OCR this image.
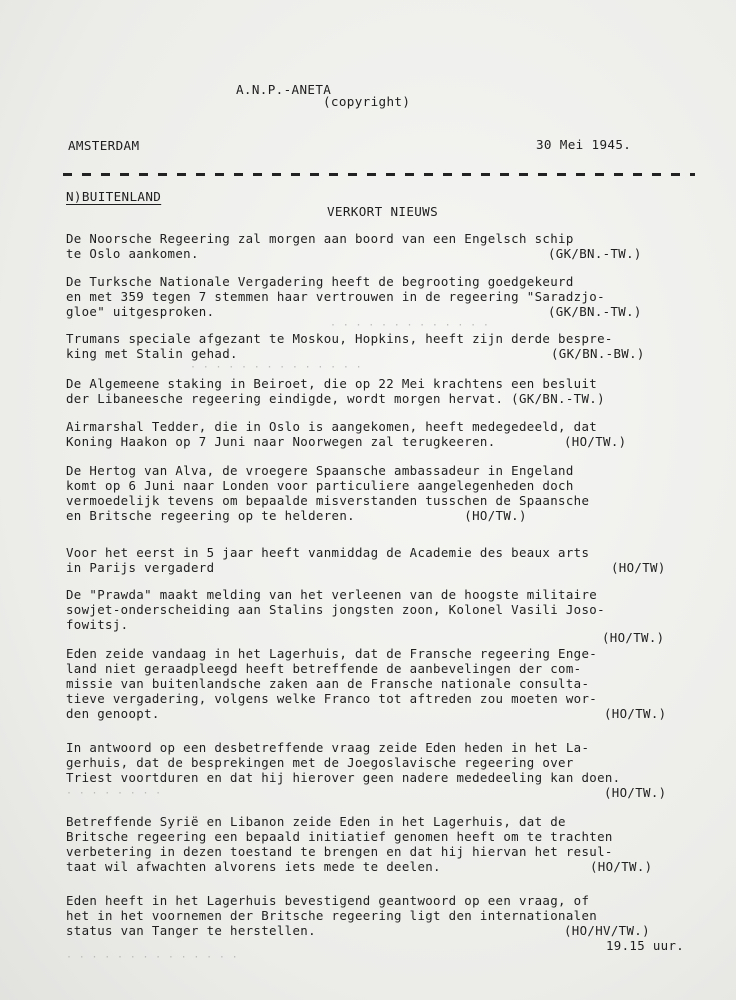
A.N.P.-ANETA
(copyright)
AMSTERDAM	30 Mei 1945.
N)BUITENLAND
VERKORT NIEUWS
De Noorsche Regeering zal morgen aan boord van een Engelsch schip
te Oslo aankomen.	(GK/BN.-TW.)
De Turksche Nationale Vergadering heeft de begrooting goedgekeurd
en met 359 tegen 7 stemmen haar vertrouwen in de regeering "Saradzjo-
gloe" uitgesproken.	(GK/BN.-TW.)
· · · · · · · · · · · · ·
Trumans speciale afgezant te Moskou, Hopkins, heeft zijn derde bespre-
king met Stalin gehad.	(GK/BN.-BW.)
· · · · · · · · · · · · · ·
De Algemeene staking in Beiroet, die op 22 Mei krachtens een besluit
der Libaneesche regeering eindigde, wordt morgen hervat. (GK/BN.-TW.)
Airmarshal Tedder, die in Oslo is aangekomen, heeft medegedeeld, dat
Koning Haakon op 7 Juni naar Noorwegen zal terugkeeren.	(HO/TW.)
De Hertog van Alva, de vroegere Spaansche ambassadeur in Engeland
komt op 6 Juni naar Londen voor particuliere aangelegenheden doch
vermoedelijk tevens om bepaalde misverstanden tusschen de Spaansche
en Britsche regeering op te helderen.              (HO/TW.)
Voor het eerst in 5 jaar heeft vanmiddag de Academie des beaux arts
in Parijs vergaderd	(HO/TW)
De "Prawda" maakt melding van het verleenen van de hoogste militaire
sowjet-onderscheiding aan Stalins jongsten zoon, Kolonel Vasili Joso-
fowitsj.
(HO/TW.)
Eden zeide vandaag in het Lagerhuis, dat de Fransche regeering Enge-
land niet geraadpleegd heeft betreffende de aanbevelingen der com-
missie van buitenlandsche zaken aan de Fransche nationale consulta-
tieve vergadering, volgens welke Franco tot aftreden zou moeten wor-
den genoopt.	(HO/TW.)
In antwoord op een desbetreffende vraag zeide Eden heden in het La-
gerhuis, dat de besprekingen met de Joegoslavische regeering over
Triest voortduren en dat hij hierover geen nadere mededeeling kan doen.
· · · · · · · ·	(HO/TW.)
Betreffende Syrië en Libanon zeide Eden in het Lagerhuis, dat de
Britsche regeering een bepaald initiatief genomen heeft om te trachten
verbetering in dezen toestand te brengen en dat hij hiervan het resul-
taat wil afwachten alvorens iets mede te deelen.	(HO/TW.)
Eden heeft in het Lagerhuis bevestigend geantwoord op een vraag, of
het in het voornemen der Britsche regeering ligt den internationalen
status van Tanger te herstellen.	(HO/HV/TW.)
19.15 uur.
· · · · · · · · · · · · · ·
